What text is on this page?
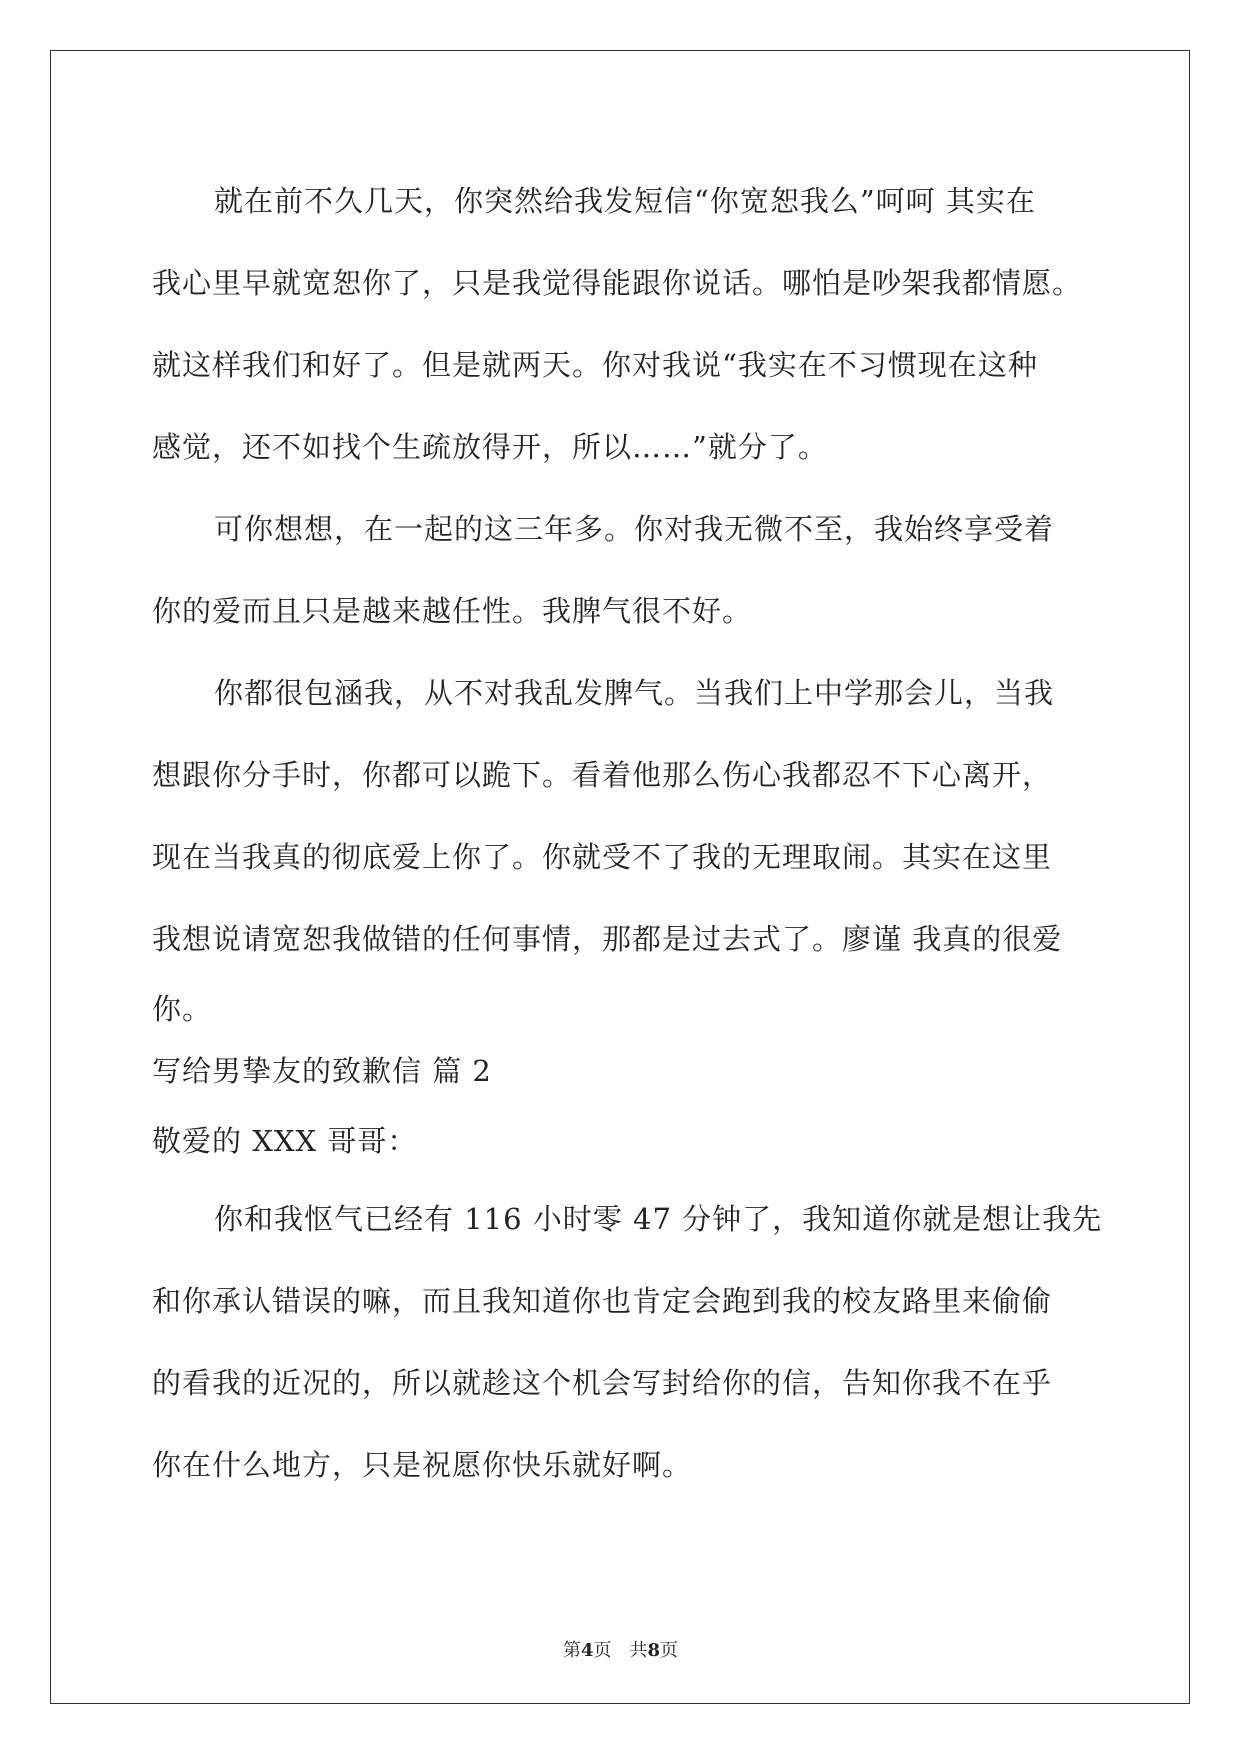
就在前不久几天，你突然给我发短信“你宽恕我么”呵呵 其实在

我心里早就宽恕你了，只是我觉得能跟你说话。哪怕是吵架我都情愿。

就这样我们和好了。但是就两天。你对我说“我实在不习惯现在这种

感觉，还不如找个生疏放得开，所以……”就分了。

可你想想，在一起的这三年多。你对我无微不至，我始终享受着

你的爱而且只是越来越任性。我脾气很不好。

你都很包涵我，从不对我乱发脾气。当我们上中学那会儿，当我

想跟你分手时，你都可以跪下。看着他那么伤心我都忍不下心离开，

现在当我真的彻底爱上你了。你就受不了我的无理取闹。其实在这里

我想说请宽恕我做错的任何事情，那都是过去式了。廖谨 我真的很爱

你。

写给男挚友的致歉信 篇 2

敬爱的 XXX 哥哥：

你和我怄气已经有 116 小时零 47 分钟了，我知道你就是想让我先

和你承认错误的嘛，而且我知道你也肯定会跑到我的校友路里来偷偷

的看我的近况的，所以就趁这个机会写封给你的信，告知你我不在乎

你在什么地方，只是祝愿你快乐就好啊。

第4页 共8页
